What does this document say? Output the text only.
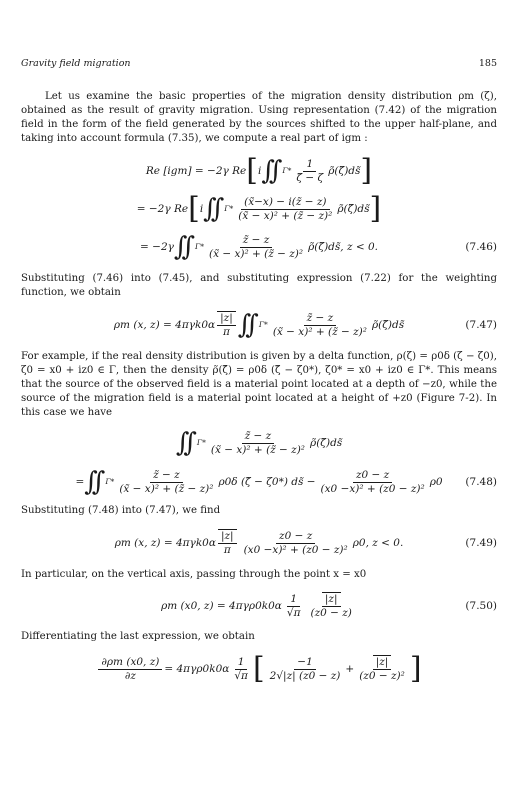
Gravity field migration	185

Let us examine the basic properties of the migration density distribution ρm (ζ), obtained as the result of gravity migration. Using representation (7.42) of the migration field in the form of the field generated by the sources shifted to the upper half-plane, and taking into account formula (7.35), we compute a real part of igm :

Re [igm] = −2γ Re [ i ∫∫ $\Gamma* \frac{1}{\zetã - \zeta}$ ρ̃(ζ̃)ds̃ ]
= −2γ Re [ i ∫∫ $\Gamma* \frac{(x̃-x) - i(z̃ - z)}{\text{(x̃ − x)² + (z̃ − z)²}}$ ρ̃(ζ̃)ds̃ ]
= −2γ ∫∫ $\Gamma* \frac{z̃ - z}{\text{(x̃ − x)² + (z̃ − z)²}}$ ρ̃(ζ̃)ds̃, z < 0.	(7.46)

Substituting (7.46) into (7.45), and substituting expression (7.22) for the weighting function, we obtain

ρm (x, $z) = 4\pi\gamma k0\alpha \frac{|z|}{\pi}$ ∫∫ $\Gamma* \frac{z̃ - z}{\text{(x̃ − x)² + (z̃ − z)²}}$ ρ̃(ζ̃)ds̃	(7.47)

For example, if the real density distribution is given by a delta function, ρ(ζ) = ρ0δ (ζ − ζ0), ζ0 = x0 + iz0 ∈ Γ, then the density ρ̃(ζ̃) = ρ0δ (ζ̃ − ζ0*), ζ0* = x0 + iz0 ∈ Γ*. This means that the source of the observed field is a material point located at a depth of −z0, while the source of the migration field is a material point located at a height of +z0 (Figure 7-2). In this case we have

∫∫ $\Gamma* \frac{z̃ - z}{\text{(x̃ − x)² + (z̃ − z)²}}$ ρ̃(ζ̃)ds̃
= ∫∫ $\Gamma* \frac{z̃ - z}{\text{(x̃ − x)² + (z̃ − z)²}} \rho 0\delta$ (ζ̃ − ζ0*) ds̃ − $\frac{z0 - z}{\text{(x0 −x)² + (z0 − z)²}} \rho 0$ (7.48)

Substituting (7.48) into (7.47), we find

ρm (x, $z) = 4\pi\gamma k0\alpha \frac{|z|}{\pi} \frac{z0 - z}{\text{(x0 −x)² + (z0 − z)²}} \rho 0$, z < 0.	(7.49)

In particular, on the vertical axis, passing through the point x = x0

ρm (x0, $z) = 4\pi\gamma\rho 0k0\alpha \frac{1}{√\pi} \frac{|z|}{(z0 - z)}$	(7.50)

Differentiating the last expression, we obtain

$\frac{\partial\rho m (x0, z)}{\partial z} = 4\pi\gamma\rho 0k0\alpha \frac{1}{√\pi}$ [ $\frac{-1}{2√|z| (z0 - z)} + \frac{|z|}{\text{(z0 − z)²}}$ ]
